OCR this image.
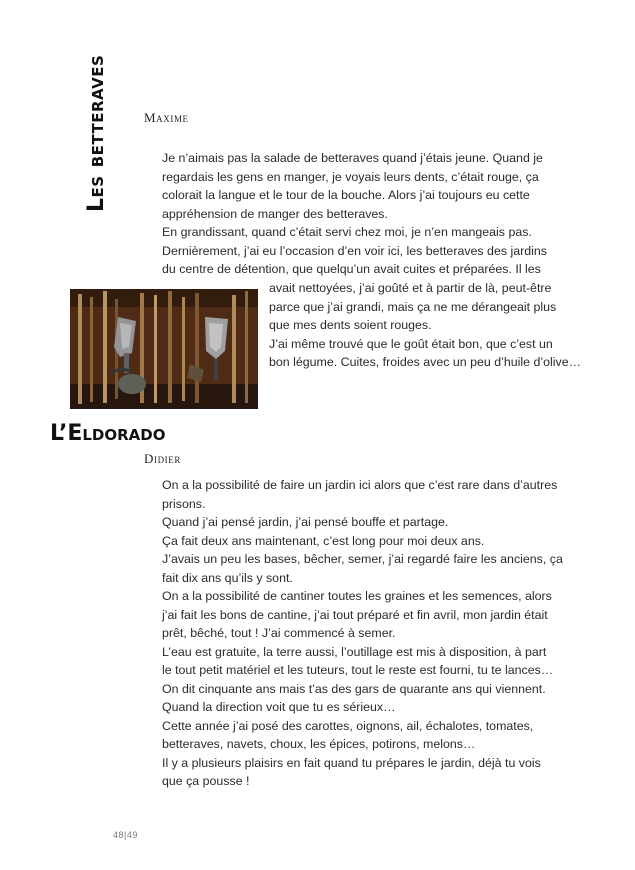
Les betteraves	Maxime
Je n’aimais pas la salade de betteraves quand j’étais jeune. Quand je
regardais les gens en manger, je voyais leurs dents, c’était rouge, ça
colorait la langue et le tour de la bouche. Alors j’ai toujours eu cette
appréhension de manger des betteraves.
En grandissant, quand c’était servi chez moi, je n’en mangeais pas.
Dernièrement, j’ai eu l’occasion d’en voir ici, les betteraves des jardins
du centre de détention, que quelqu’un avait cuites et préparées. Il les
avait nettoyées, j’ai goûté et à partir de là, peut-être
parce que j’ai grandi, mais ça ne me dérangeait plus
que mes dents soient rouges.
J’ai même trouvé que le goût était bon, que c’est un
bon légume. Cuites, froides avec un peu d’huile d’olive…
L’Eldorado
Didier
On a la possibilité de faire un jardin ici alors que c’est rare dans d’autres
prisons.
Quand j’ai pensé jardin, j’ai pensé bouffe et partage.
Ça fait deux ans maintenant, c’est long pour moi deux ans.
J’avais un peu les bases, bêcher, semer, j’ai regardé faire les anciens, ça
fait dix ans qu’ils y sont.
On a la possibilité de cantiner toutes les graines et les semences, alors
j’ai fait les bons de cantine, j’ai tout préparé et fin avril, mon jardin était
prêt, bêché, tout ! J’ai commencé à semer.
L’eau est gratuite, la terre aussi, l’outillage est mis à disposition, à part
le tout petit matériel et les tuteurs, tout le reste est fourni, tu te lances…
On dit cinquante ans mais t’as des gars de quarante ans qui viennent.
Quand la direction voit que tu es sérieux…
Cette année j’ai posé des carottes, oignons, ail, échalotes, tomates,
betteraves, navets, choux, les épices, potirons, melons…
Il y a plusieurs plaisirs en fait quand tu prépares le jardin, déjà tu vois
que ça pousse !
48|49
